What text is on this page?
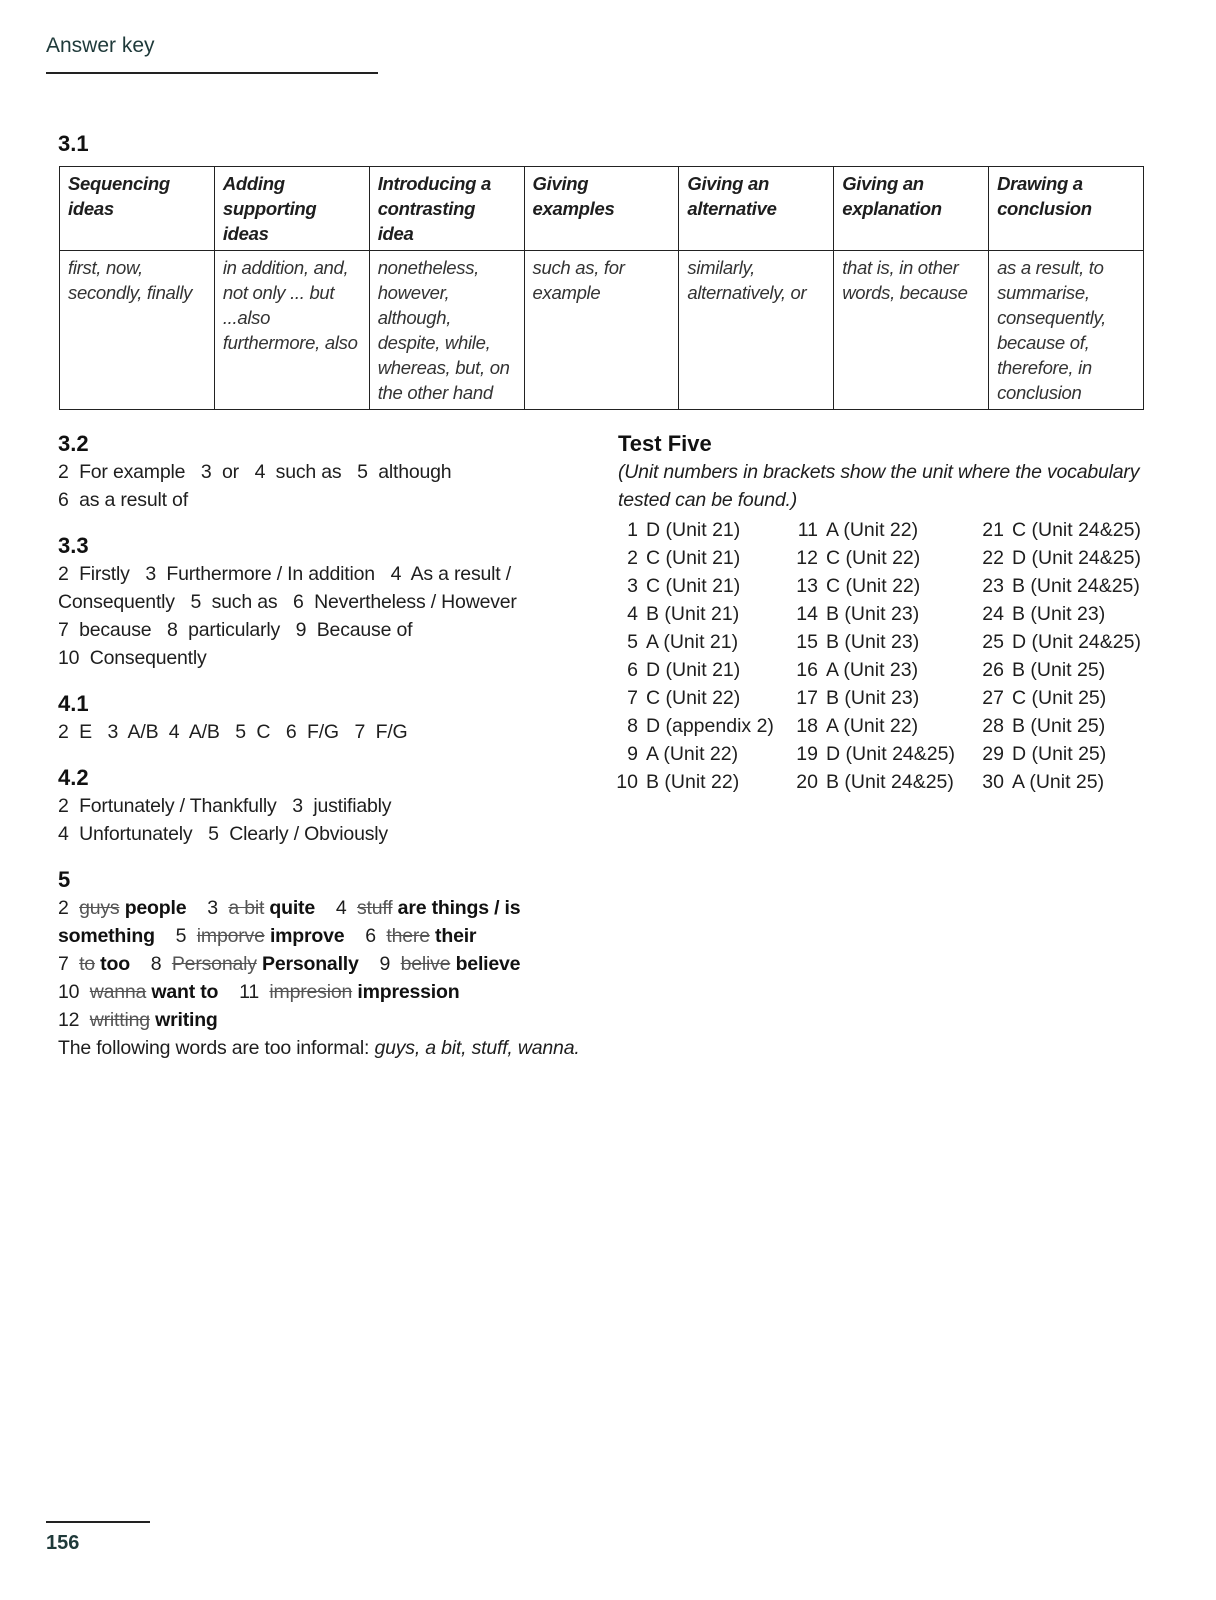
Answer key
3.1
Sequencing ideas	Adding supporting ideas	Introducing a contrasting idea	Giving examples	Giving an alternative	Giving an explanation	Drawing a conclusion
first, now, secondly, finally	in addition, and, not only ... but ...also furthermore, also	nonetheless, however, although, despite, while, whereas, but, on the other hand	such as, for example	similarly, alternatively, or	that is, in other words, because	as a result, to summarise, consequently, because of, therefore, in conclusion
3.2
2  For example   3  or   4  such as   5  although
6  as a result of
3.3
2  Firstly   3  Furthermore / In addition   4  As a result /
Consequently   5  such as   6  Nevertheless / However
7  because   8  particularly   9  Because of
10  Consequently
4.1
2  E   3  A/B  4  A/B   5  C   6  F/G   7  F/G
4.2
2  Fortunately / Thankfully   3  justifiably
4  Unfortunately   5  Clearly / Obviously
5
2  guys people 3  a bit quite 4  stuff are things / is something 5  imporve improve 6  there their
7  to too 8  Personaly Personally 9  belive believe
10  wanna want to 11  impresion impression
12  writting writing
The following words are too informal: guys, a bit, stuff, wanna.
Test Five
(Unit numbers in brackets show the unit where the vocabulary tested can be found.)
1 D (Unit 21)
2 C (Unit 21)
3 C (Unit 21)
4 B (Unit 21)
5 A (Unit 21)
6 D (Unit 21)
7 C (Unit 22)
8 D (appendix 2)
9 A (Unit 22)
10 B (Unit 22)
11 A (Unit 22)
12 C (Unit 22)
13 C (Unit 22)
14 B (Unit 23)
15 B (Unit 23)
16 A (Unit 23)
17 B (Unit 23)
18 A (Unit 22)
19 D (Unit 24&25)
20 B (Unit 24&25)
21 C (Unit 24&25)
22 D (Unit 24&25)
23 B (Unit 24&25)
24 B (Unit 23)
25 D (Unit 24&25)
26 B (Unit 25)
27 C (Unit 25)
28 B (Unit 25)
29 D (Unit 25)
30 A (Unit 25)
156
